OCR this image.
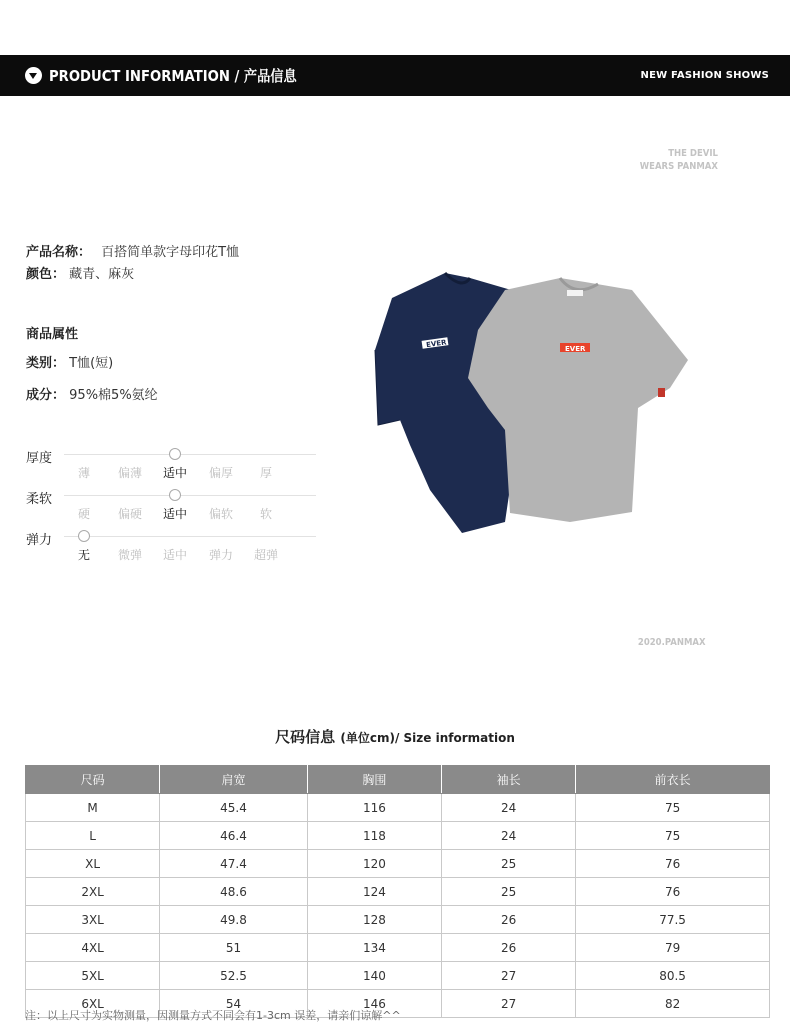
PRODUCT INFORMATION / 产品信息	NEW FASHION SHOWS
THE DEVIL
WEARS PANMAX
2020.PANMAX
产品名称： 百搭简单款字母印花T恤
颜色： 藏青、麻灰
商品属性
类别： T恤(短)
成分： 95%棉5%氨纶
厚度
薄	偏薄	适中	偏厚	厚
柔软
硬	偏硬	适中	偏软	软
弹力
无	微弹	适中	弹力	超弹
EVER	EVER
尺码信息 (单位cm)/ Size information
尺码	肩宽	胸围	袖长	前衣长
M	45.4	116	24	75
L	46.4	118	24	75
XL	47.4	120	25	76
2XL	48.6	124	25	76
3XL	49.8	128	26	77.5
4XL	51	134	26	79
5XL	52.5	140	27	80.5
6XL	54	146	27	82
注：以上尺寸为实物测量，因测量方式不同会有1-3cm 误差，请亲们谅解^^
